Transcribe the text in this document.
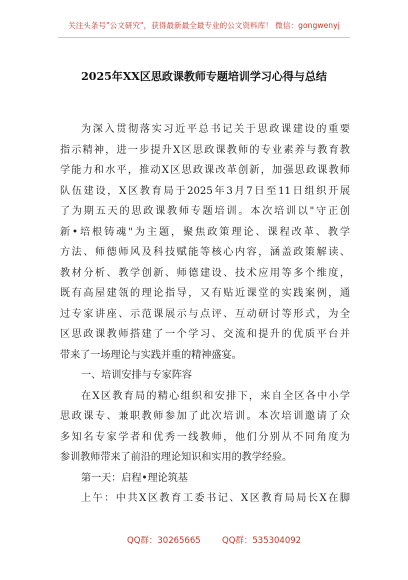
关注头条号"公文研究"，获得最新最全最专业的公文资料库！ 微信：gongwenyj
2025年XX区思政课教师专题培训学习心得与总结
为深入贯彻落实习近平总书记关于思政课建设的重要
指示精神，进一步提升X区思政课教师的专业素养与教育教
学能力和水平，推动X区思政课改革创新，加强思政课教师
队伍建设，X区教育局于2025年3月7日至11日组织开展
了为期五天的思政课教师专题培训。本次培训以"守正创
新•培根铸魂"为主题，聚焦政策理论、课程改革、教学
方法、师德师风及科技赋能等核心内容，涵盖政策解读、
教材分析、教学创新、师德建设、技术应用等多个维度，
既有高屋建瓴的理论指导，又有贴近课堂的实践案例，通
过专家讲座、示范课展示与点评、互动研讨等形式，为全
区思政课教师搭建了一个学习、交流和提升的优质平台并
带来了一场理论与实践并重的精神盛宴。
一、培训安排与专家阵容
在X区教育局的精心组织和安排下，来自全区各中小学
思政课专、兼职教师参加了此次培训。本次培训邀请了众
多知名专家学者和优秀一线教师，他们分别从不同角度为
参训教师带来了前沿的理论知识和实用的教学经验。
第一天：启程•理论筑基
上午：中共X区教育工委书记、X区教育局局长X在脚
QQ群：30265665	QQ群：535304092
